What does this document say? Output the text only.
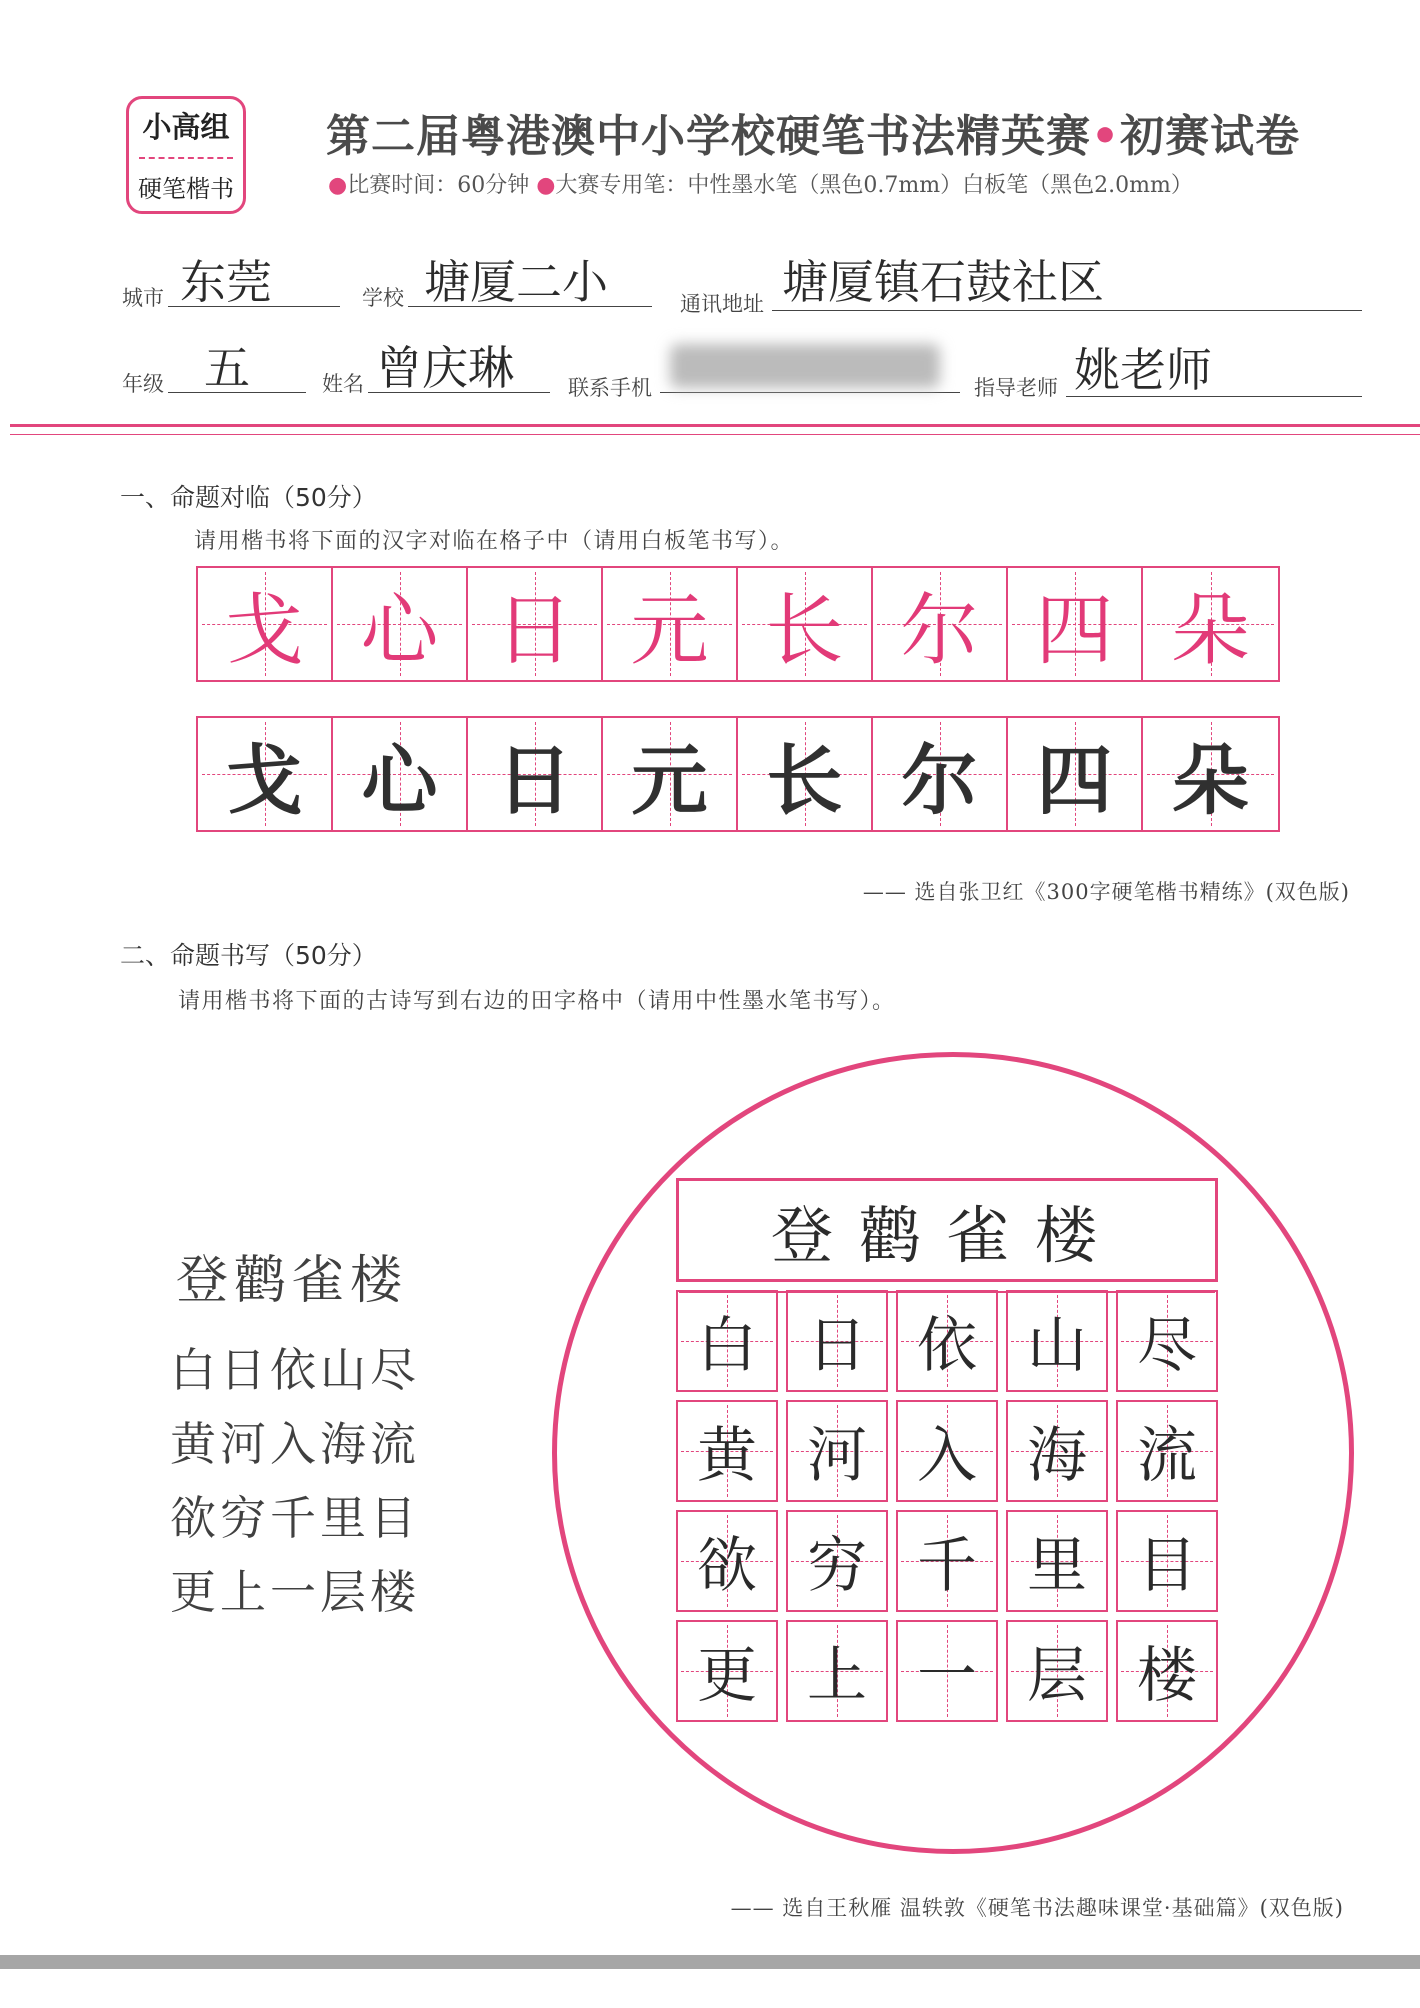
小高组
硬笔楷书
第二届粤港澳中小学校硬笔书法精英赛•初赛试卷
●比赛时间：60分钟 ●大赛专用笔：中性墨水笔（黑色0.7mm）白板笔（黑色2.0mm）
城市 东莞	学校 塘厦二小	通讯地址 塘厦镇石鼓社区
年级 五	姓名 曾庆琳	联系手机	指导老师 姚老师
一、命题对临（50分）
请用楷书将下面的汉字对临在格子中（请用白板笔书写）。
戈 心 日 元 长 尔 四 朵
戈 心 日 元 长 尔 四 朵
—— 选自张卫红《300字硬笔楷书精练》(双色版)
二、命题书写（50分）
请用楷书将下面的古诗写到右边的田字格中（请用中性墨水笔书写）。
登鹳雀楼
白日依山尽
黄河入海流
欲穷千里目
更上一层楼
登鹳雀楼
白 日 依 山 尽
黄 河 入 海 流
欲 穷 千 里 目
更 上 一 层 楼
—— 选自王秋雁 温轶敦《硬笔书法趣味课堂·基础篇》(双色版)
